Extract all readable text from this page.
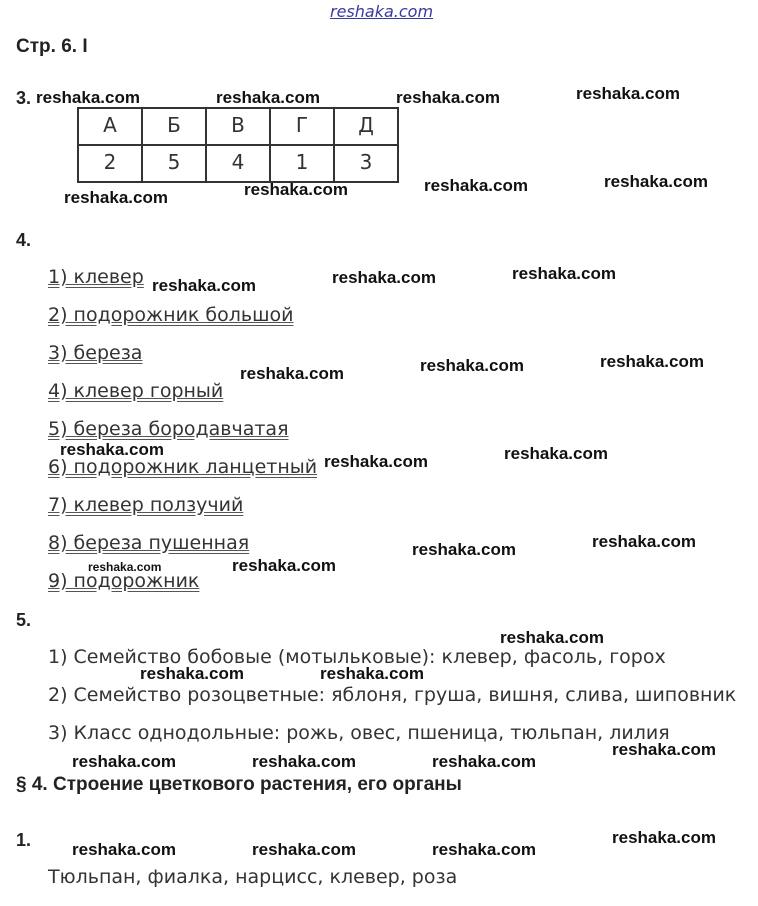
reshaka.com
Стр. 6. I
3.
А	Б	В	Г	Д
2	5	4	1	3
4.
1) клевер
2) подорожник большой
3) береза
4) клевер горный
5) береза бородавчатая
6) подорожник ланцетный
7) клевер ползучий
8) береза пушенная
9) подорожник
5.
1) Семейство бобовые (мотыльковые): клевер, фасоль, горох
2) Семейство розоцветные: яблоня, груша, вишня, слива, шиповник
3) Класс однодольные: рожь, овес, пшеница, тюльпан, лилия
§ 4. Строение цветкового растения, его органы
1.
Тюльпан, фиалка, нарцисс, клевер, роза
reshaka.com	reshaka.com	reshaka.com	reshaka.com
reshaka.com	reshaka.com	reshaka.com	reshaka.com
reshaka.com	reshaka.com	reshaka.com
reshaka.com	reshaka.com	reshaka.com
reshaka.com
reshaka.com	reshaka.com
reshaka.com	reshaka.com
reshaka.com	reshaka.com
reshaka.com
reshaka.com	reshaka.com
reshaka.com
reshaka.com	reshaka.com	reshaka.com
reshaka.com
reshaka.com	reshaka.com	reshaka.com
